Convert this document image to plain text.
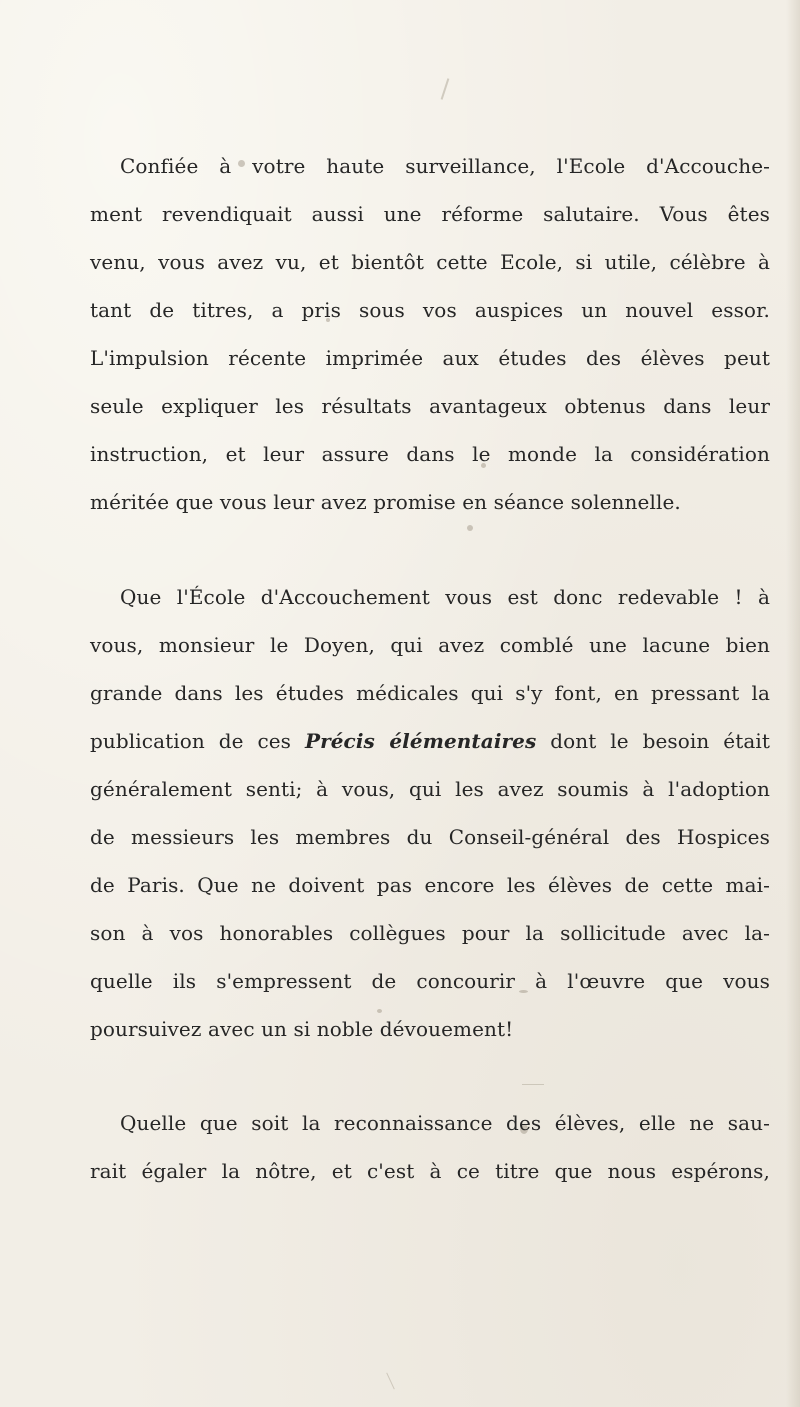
Confiée à votre haute surveillance, l'Ecole d'Accouche-
ment revendiquait aussi une réforme salutaire. Vous êtes
venu, vous avez vu, et bientôt cette Ecole, si utile, célèbre à
tant de titres, a pris sous vos auspices un nouvel essor.
L'impulsion récente imprimée aux études des élèves peut
seule expliquer les résultats avantageux obtenus dans leur
instruction, et leur assure dans le monde la considération
méritée que vous leur avez promise en séance solennelle.
Que l'École d'Accouchement vous est donc redevable ! à
vous, monsieur le Doyen, qui avez comblé une lacune bien
grande dans les études médicales qui s'y font, en pressant la
publication de ces Précis élémentaires dont le besoin était
généralement senti; à vous, qui les avez soumis à l'adoption
de messieurs les membres du Conseil-général des Hospices
de Paris. Que ne doivent pas encore les élèves de cette mai-
son à vos honorables collègues pour la sollicitude avec la-
quelle ils s'empressent de concourir à l'œuvre que vous
poursuivez avec un si noble dévouement!
Quelle que soit la reconnaissance des élèves, elle ne sau-
rait égaler la nôtre, et c'est à ce titre que nous espérons,
